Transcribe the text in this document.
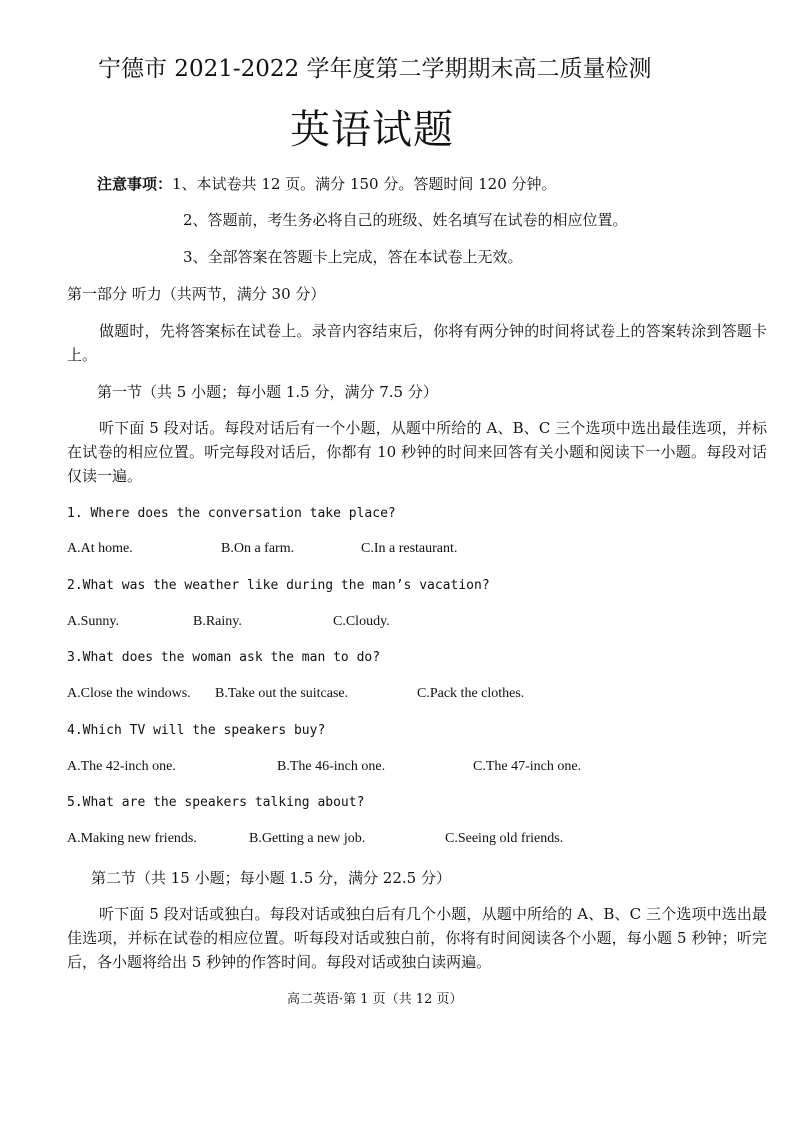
宁德市 2021-2022 学年度第二学期期末高二质量检测
英语试题
注意事项：1、本试卷共 12 页。满分 150 分。答题时间 120 分钟。
2、答题前，考生务必将自己的班级、姓名填写在试卷的相应位置。
3、全部答案在答题卡上完成，答在本试卷上无效。
第一部分 听力（共两节，满分 30 分）
做题时，先将答案标在试卷上。录音内容结束后，你将有两分钟的时间将试卷上的答案转涂到答题卡上。
第一节（共 5 小题；每小题 1.5 分，满分 7.5 分）
听下面 5 段对话。每段对话后有一个小题，从题中所给的 A、B、C 三个选项中选出最佳选项，并标在试卷的相应位置。听完每段对话后，你都有 10 秒钟的时间来回答有关小题和阅读下一小题。每段对话仅读一遍。
1. Where does the conversation take place?
A.At home.	B.On a farm.	C.In a restaurant.
2.What was the weather like during the man’s vacation?
A.Sunny.	B.Rainy.	C.Cloudy.
3.What does the woman ask the man to do?
A.Close the windows. B.Take out the suitcase.	C.Pack the clothes.
4.Which TV will the speakers buy?
A.The 42-inch one.	B.The 46-inch one.	C.The 47-inch one.
5.What are the speakers talking about?
A.Making new friends.	B.Getting a new job.	C.Seeing old friends.
第二节（共 15 小题；每小题 1.5 分，满分 22.5 分）
听下面 5 段对话或独白。每段对话或独白后有几个小题，从题中所给的 A、B、C 三个选项中选出最佳选项，并标在试卷的相应位置。听每段对话或独白前，你将有时间阅读各个小题，每小题 5 秒钟；听完后，各小题将给出 5 秒钟的作答时间。每段对话或独白读两遍。
高二英语·第 1 页（共 12 页）
